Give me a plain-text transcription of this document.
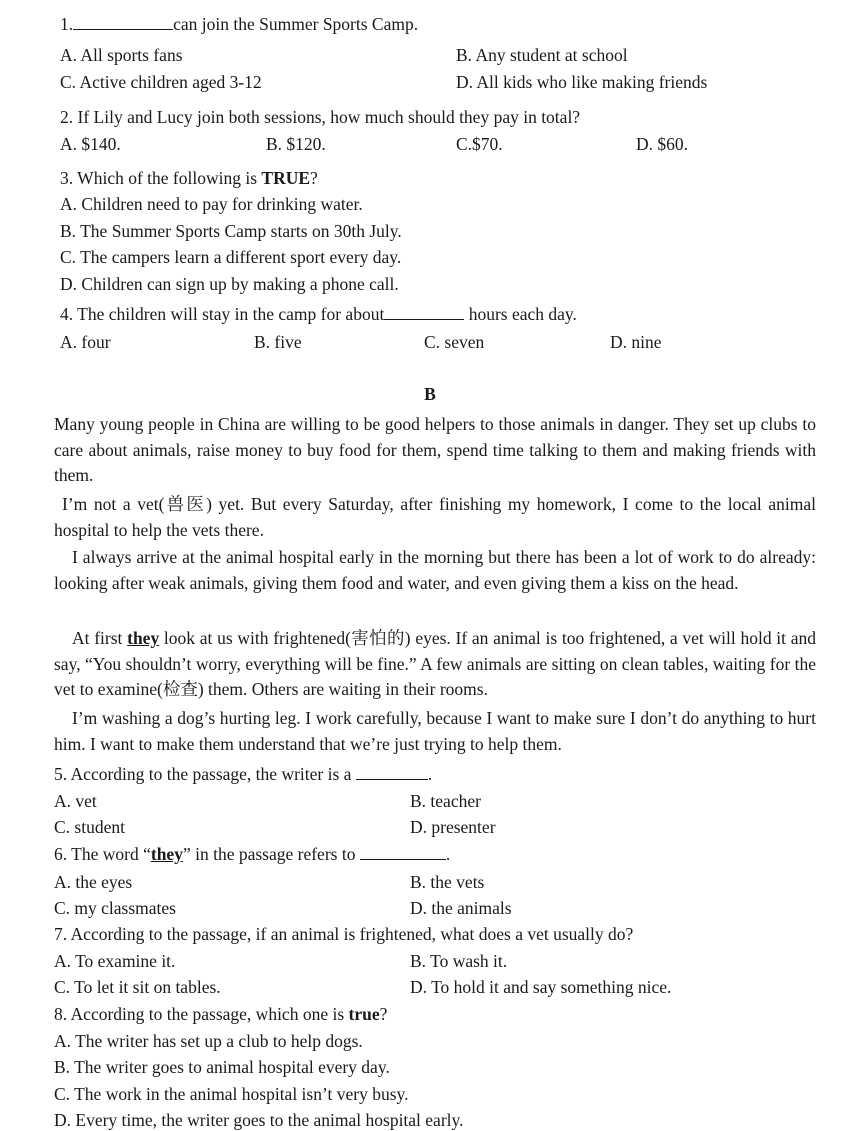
1.	can join the Summer Sports Camp.
A. All sports fans	B. Any student at school
C. Active children aged 3-12	D. All kids who like making friends
2. If Lily and Lucy join both sessions, how much should they pay in total?
A. $140.	B. $120.	C.$70.	D. $60.
3. Which of the following is TRUE?
A. Children need to pay for drinking water.
B. The Summer Sports Camp starts on 30th July.
C. The campers learn a different sport every day.
D. Children can sign up by making a phone call.
4. The children will stay in the camp for about	hours each day.
A. four	B. five	C. seven	D. nine
B
Many young people in China are willing to be good helpers to those animals in danger. They set up clubs to care about animals, raise money to buy food for them, spend time talking to them and making friends with them.
I’m not a vet(兽医) yet. But every Saturday, after finishing my homework, I come to the local animal hospital to help the vets there.
I always arrive at the animal hospital early in the morning but there has been a lot of work to do already: looking after weak animals, giving them food and water, and even giving them a kiss on the head.
At first they look at us with frightened(害怕的) eyes. If an animal is too frightened, a vet will hold it and say, “You shouldn’t worry, everything will be fine.” A few animals are sitting on clean tables, waiting for the vet to examine(检查) them. Others are waiting in their rooms.
I’m washing a dog’s hurting leg. I work carefully, because I want to make sure I don’t do anything to hurt him. I want to make them understand that we’re just trying to help them.
5. According to the passage, the writer is a	.
A. vet	B. teacher
C. student	D. presenter
6. The word “they” in the passage refers to	.
A. the eyes	B. the vets
C. my classmates	D. the animals
7. According to the passage, if an animal is frightened, what does a vet usually do?
A. To examine it.	B. To wash it.
C. To let it sit on tables.	D. To hold it and say something nice.
8. According to the passage, which one is true?
A. The writer has set up a club to help dogs.
B. The writer goes to animal hospital every day.
C. The work in the animal hospital isn’t very busy.
D. Every time, the writer goes to the animal hospital early.
